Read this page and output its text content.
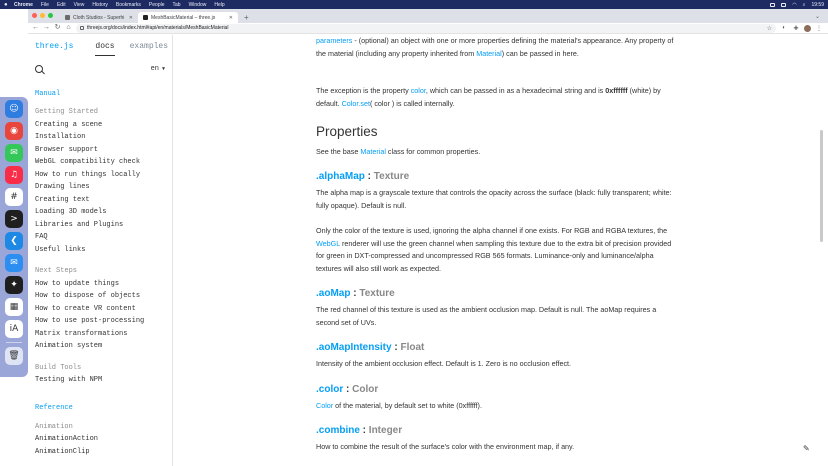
● Chrome File Edit View History Bookmarks People Tab Window Help	◠ ⌕ 19:59
Cloth Studios - Superhi ✕	MeshBasicMaterial – three.js	✕	+	⌄
← → ↻ ⌂	threejs.org/docs/index.html#api/en/materials/MeshBasicMaterial	☆	◐	✚	⋮
☺
◉
✉
♫
#
>
❮
✉
✦
▦
iA
🗑
three.js	docs examples
en ▼
Manual
Getting Started
Creating a scene
Installation
Browser support
WebGL compatibility check
How to run things locally
Drawing lines
Creating text
Loading 3D models
Libraries and Plugins
FAQ
Useful links
Next Steps
How to update things
How to dispose of objects
How to create VR content
How to use post-processing
Matrix transformations
Animation system
Build Tools
Testing with NPM
Reference
Animation
AnimationAction
AnimationClip

parameters - (optional) an object with one or more properties defining the material's appearance. Any property of the material (including any property inherited from Material) can be passed in here.

The exception is the property color, which can be passed in as a hexadecimal string and is 0xffffff (white) by default. Color.set( color ) is called internally.

Properties

See the base Material class for common properties.

.alphaMap : Texture

The alpha map is a grayscale texture that controls the opacity across the surface (black: fully transparent; white: fully opaque). Default is null.

Only the color of the texture is used, ignoring the alpha channel if one exists. For RGB and RGBA textures, the WebGL renderer will use the green channel when sampling this texture due to the extra bit of precision provided for green in DXT-compressed and uncompressed RGB 565 formats. Luminance-only and luminance/alpha textures will also still work as expected.

.aoMap : Texture

The red channel of this texture is used as the ambient occlusion map. Default is null. The aoMap requires a second set of UVs.

.aoMapIntensity : Float

Intensity of the ambient occlusion effect. Default is 1. Zero is no occlusion effect.

.color : Color

Color of the material, by default set to white (0xffffff).

.combine : Integer

How to combine the result of the surface's color with the environment map, if any.	✎
